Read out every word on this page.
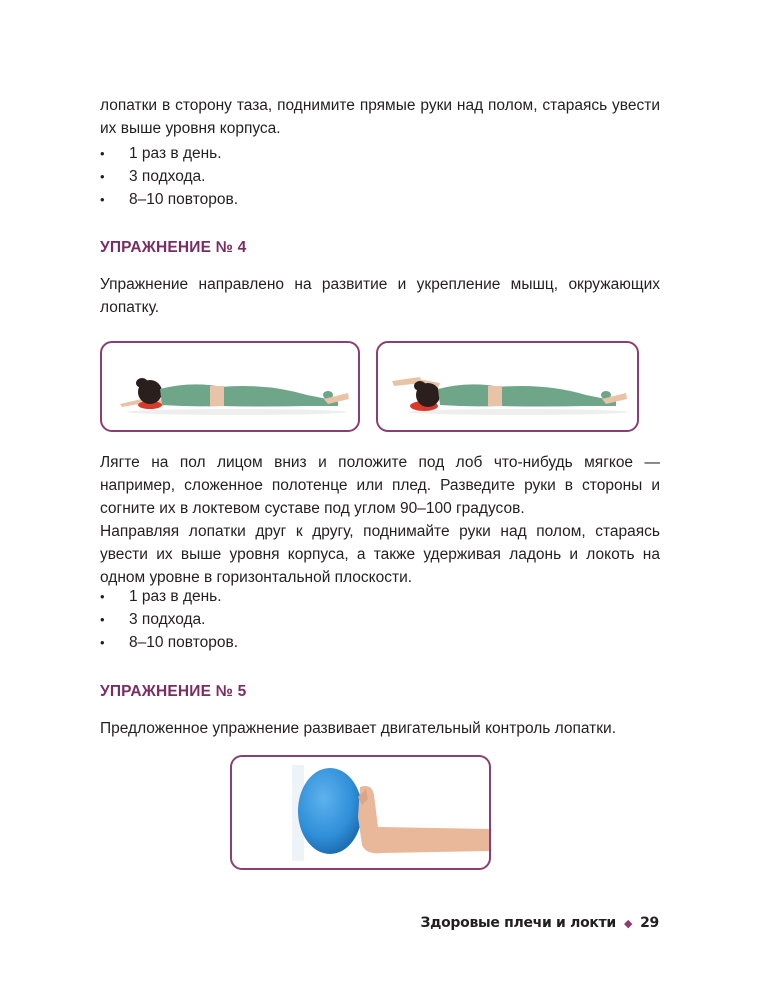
лопатки в сторону таза, поднимите прямые руки над полом, стараясь увести их выше уровня корпуса.

• 1 раз в день.
• 3 подхода.
• 8–10 повторов.
УПРАЖНЕНИЕ № 4

Упражнение направлено на развитие и укрепление мышц, окружающих лопатку.

Лягте на пол лицом вниз и положите под лоб что-нибудь мягкое — например, сложенное полотенце или плед. Разведите руки в стороны и согните их в локтевом суставе под углом 90–100 градусов.

Направляя лопатки друг к другу, поднимайте руки над полом, стараясь увести их выше уровня корпуса, а также удерживая ладонь и локоть на одном уровне в горизонтальной плоскости.

• 1 раз в день.
• 3 подхода.
• 8–10 повторов.
УПРАЖНЕНИЕ № 5

Предложенное упражнение развивает двигательный контроль лопатки.

Здоровые плечи и локти ◆ 29
